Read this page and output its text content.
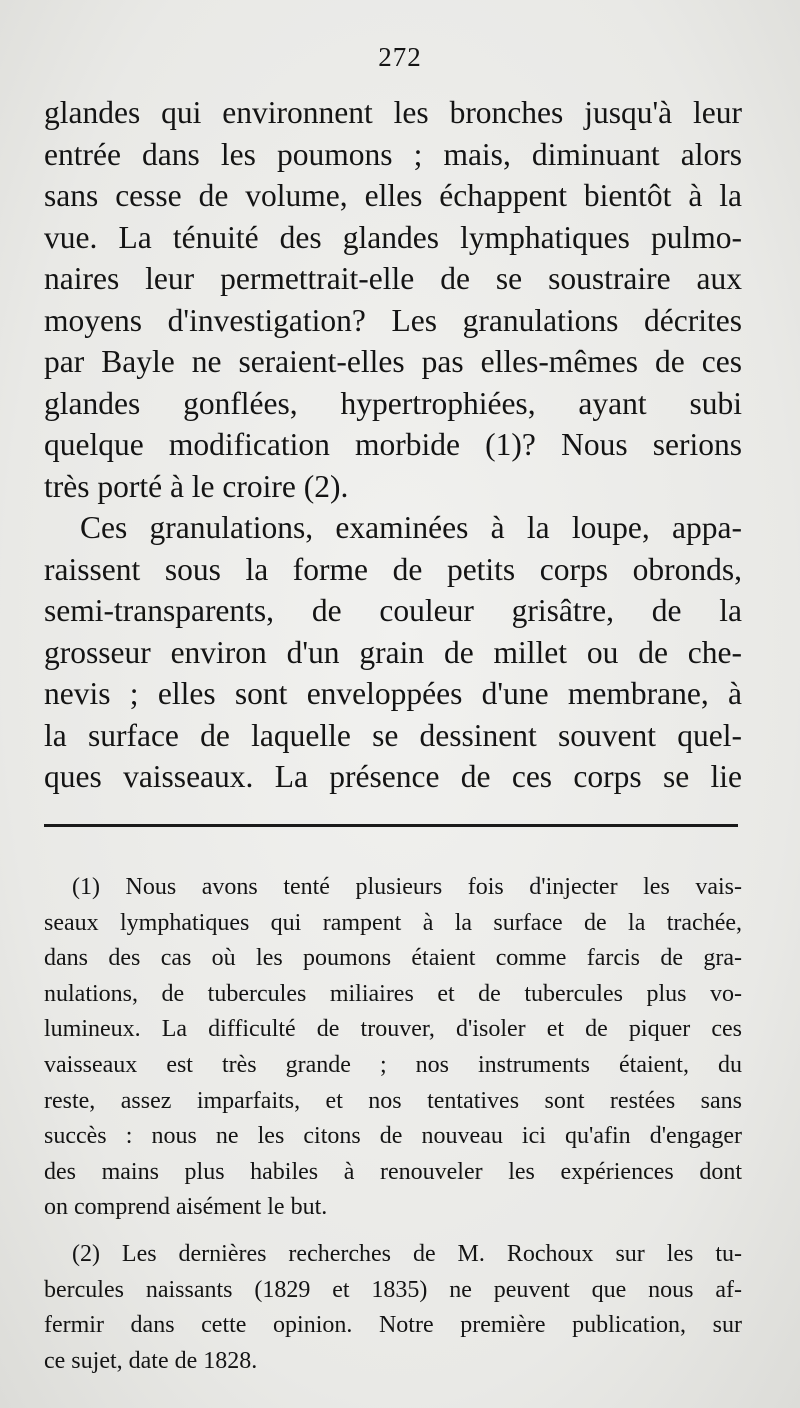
272
glandes qui environnent les bronches jusqu'à leur
entrée dans les poumons ; mais, diminuant alors
sans cesse de volume, elles échappent bientôt à la
vue. La ténuité des glandes lymphatiques pulmo-
naires leur permettrait-elle de se soustraire aux
moyens d'investigation? Les granulations décrites
par Bayle ne seraient-elles pas elles-mêmes de ces
glandes gonflées, hypertrophiées, ayant subi
quelque modification morbide (1)? Nous serions
très porté à le croire (2).
Ces granulations, examinées à la loupe, appa-
raissent sous la forme de petits corps obronds,
semi-transparents, de couleur grisâtre, de la
grosseur environ d'un grain de millet ou de che-
nevis ; elles sont enveloppées d'une membrane, à
la surface de laquelle se dessinent souvent quel-
ques vaisseaux. La présence de ces corps se lie
(1) Nous avons tenté plusieurs fois d'injecter les vais-
seaux lymphatiques qui rampent à la surface de la trachée,
dans des cas où les poumons étaient comme farcis de gra-
nulations, de tubercules miliaires et de tubercules plus vo-
lumineux. La difficulté de trouver, d'isoler et de piquer ces
vaisseaux est très grande ; nos instruments étaient, du
reste, assez imparfaits, et nos tentatives sont restées sans
succès : nous ne les citons de nouveau ici qu'afin d'engager
des mains plus habiles à renouveler les expériences dont
on comprend aisément le but.
(2) Les dernières recherches de M. Rochoux sur les tu-
bercules naissants (1829 et 1835) ne peuvent que nous af-
fermir dans cette opinion. Notre première publication, sur
ce sujet, date de 1828.
